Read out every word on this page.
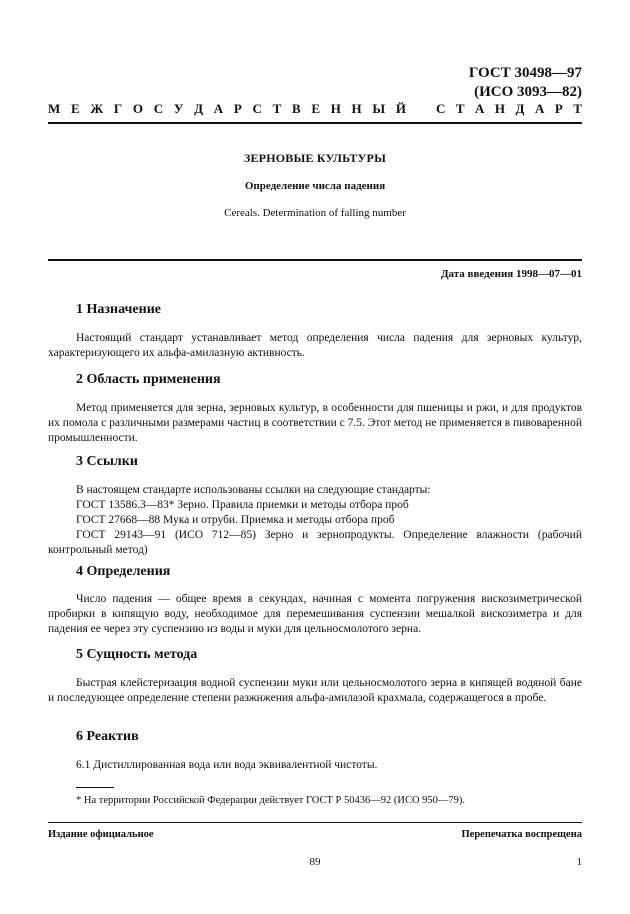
ГОСТ 30498—97
(ИСО 3093—82)
М Е Ж Г О С У Д А Р С Т В Е Н Н Ы Й С Т А Н Д А Р Т
ЗЕРНОВЫЕ КУЛЬТУРЫ
Определение числа падения
Cereals. Determination of falling number
Дата введения 1998—07—01
1 Назначение
Настоящий стандарт устанавливает метод определения числа падения для зерновых культур, характеризующего их альфа-амилазную активность.
2 Область применения
Метод применяется для зерна, зерновых культур, в особенности для пшеницы и ржи, и для продуктов их помола с различными размерами частиц в соответствии с 7.5. Этот метод не применяется в пивоваренной промышленности.
3 Ссылки
В настоящем стандарте использованы ссылки на следующие стандарты:
ГОСТ 13586.3—83* Зерно. Правила приемки и методы отбора проб
ГОСТ 27668—88 Мука и отруби. Приемка и методы отбора проб
ГОСТ 29143—91 (ИСО 712—85) Зерно и зернопродукты. Определение влажности (рабочий контрольный метод)
4 Определения
Число падения — общее время в секундах, начиная с момента погружения вискозиметрической пробирки в кипящую воду, необходимое для перемешивания суспензии мешалкой вискозиметра и для падения ее через эту суспензию из воды и муки для цельносмолотого зерна.
5 Сущность метода
Быстрая клейстеризация водной суспензии муки или цельносмолотого зерна в кипящей водяной бане и последующее определение степени разжижения альфа-амилазой крахмала, содержащегося в пробе.
6 Реактив
6.1 Дистиллированная вода или вода эквивалентной чистоты.
* На территории Российской Федерации действует ГОСТ Р 50436—92 (ИСО 950—79).
Издание официальное	Перепечатка воспрещена
89	1
